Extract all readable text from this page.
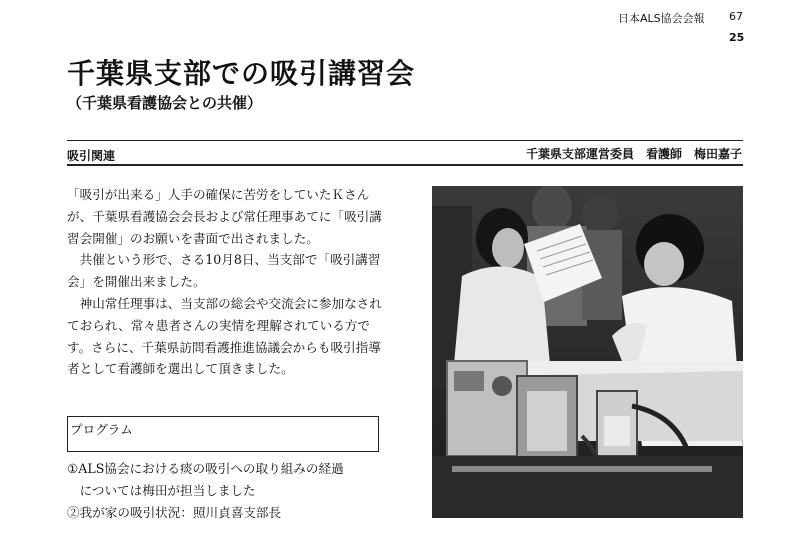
日本ALS協会会報 67
25
千葉県支部での吸引講習会
（千葉県看護協会との共催）
吸引関連	千葉県支部運営委員 看護師 梅田嘉子

「吸引が出来る」人手の確保に苦労をしていたＫさんが、千葉県看護協会会長および常任理事あてに「吸引講習会開催」のお願いを書面で出されました。

共催という形で、さる10月8日、当支部で「吸引講習会」を開催出来ました。

神山常任理事は、当支部の総会や交流会に参加なされておられ、常々患者さんの実情を理解されている方です。さらに、千葉県訪問看護推進協議会からも吸引指導者として看護師を選出して頂きました。

プログラム
①ALS協会における痰の吸引への取り組みの経過
については梅田が担当しました
②我が家の吸引状況：照川貞喜支部長
